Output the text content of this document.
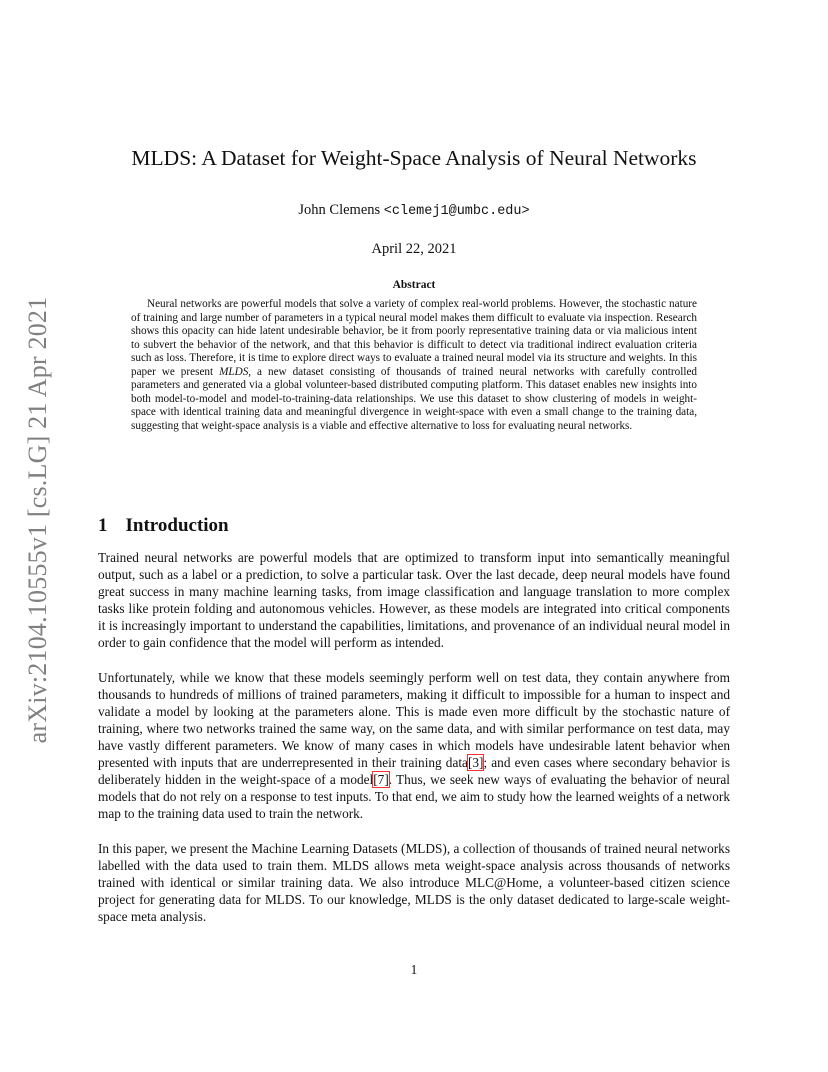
arXiv:2104.10555v1 [cs.LG] 21 Apr 2021
MLDS: A Dataset for Weight-Space Analysis of Neural Networks
John Clemens <clemej1@umbc.edu>
April 22, 2021
Abstract

Neural networks are powerful models that solve a variety of complex real-world problems. However, the stochastic nature of training and large number of parameters in a typical neural model makes them difficult to evaluate via inspection. Research shows this opacity can hide latent undesirable behavior, be it from poorly representative training data or via malicious intent to subvert the behavior of the network, and that this behavior is difficult to detect via traditional indirect evaluation criteria such as loss. Therefore, it is time to explore direct ways to evaluate a trained neural model via its structure and weights. In this paper we present MLDS, a new dataset consisting of thousands of trained neural networks with carefully controlled parameters and generated via a global volunteer-based distributed computing platform. This dataset enables new insights into both model-to-model and model-to-training-data relationships. We use this dataset to show clustering of models in weight-space with identical training data and meaningful divergence in weight-space with even a small change to the training data, suggesting that weight-space analysis is a viable and effective alternative to loss for evaluating neural networks.

1 Introduction

Trained neural networks are powerful models that are optimized to transform input into semantically meaningful output, such as a label or a prediction, to solve a particular task. Over the last decade, deep neural models have found great success in many machine learning tasks, from image classification and language translation to more complex tasks like protein folding and autonomous vehicles. However, as these models are integrated into critical components it is increasingly important to understand the capabilities, limitations, and provenance of an individual neural model in order to gain confidence that the model will perform as intended.

Unfortunately, while we know that these models seemingly perform well on test data, they contain anywhere from thousands to hundreds of millions of trained parameters, making it difficult to impossible for a human to inspect and validate a model by looking at the parameters alone. This is made even more difficult by the stochastic nature of training, where two networks trained the same way, on the same data, and with similar performance on test data, may have vastly different parameters. We know of many cases in which models have undesirable latent behavior when presented with inputs that are underrepresented in their training data[3]; and even cases where secondary behavior is deliberately hidden in the weight-space of a model[7]. Thus, we seek new ways of evaluating the behavior of neural models that do not rely on a response to test inputs. To that end, we aim to study how the learned weights of a network map to the training data used to train the network.

In this paper, we present the Machine Learning Datasets (MLDS), a collection of thousands of trained neural networks labelled with the data used to train them. MLDS allows meta weight-space analysis across thousands of networks trained with identical or similar training data. We also introduce MLC@Home, a volunteer-based citizen science project for generating data for MLDS. To our knowledge, MLDS is the only dataset dedicated to large-scale weight-space meta analysis.

1
